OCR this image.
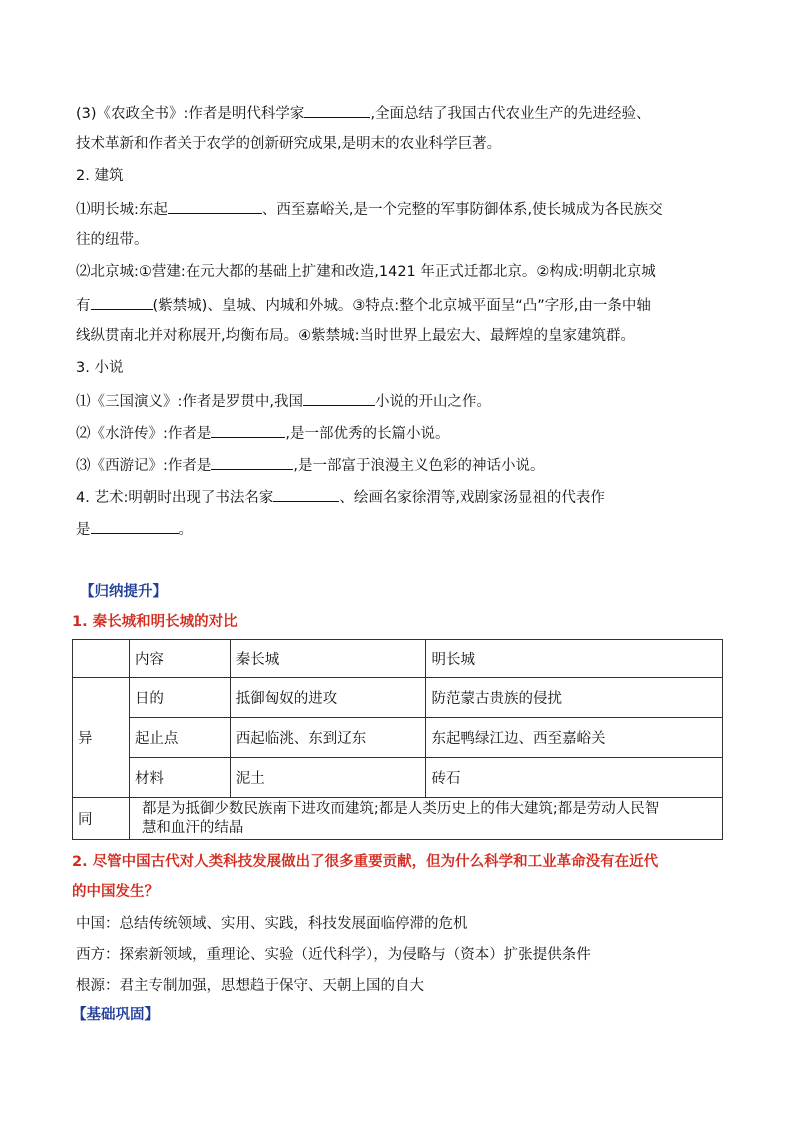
(3)《农政全书》:作者是明代科学家	,全面总结了我国古代农业生产的先进经验、
技术革新和作者关于农学的创新研究成果,是明末的农业科学巨著。
2. 建筑
⑴明长城:东起	、西至嘉峪关,是一个完整的军事防御体系,使长城成为各民族交
往的纽带。
⑵北京城:①营建:在元大都的基础上扩建和改造,1421 年正式迁都北京。②构成:明朝北京城
有	(紫禁城)、皇城、内城和外城。③特点:整个北京城平面呈“凸”字形,由一条中轴
线纵贯南北并对称展开,均衡布局。④紫禁城:当时世界上最宏大、最辉煌的皇家建筑群。
3. 小说
⑴《三国演义》:作者是罗贯中,我国	小说的开山之作。
⑵《水浒传》:作者是	,是一部优秀的长篇小说。
⑶《西游记》:作者是	,是一部富于浪漫主义色彩的神话小说。
4. 艺术:明朝时出现了书法名家	、绘画名家徐渭等,戏剧家汤显祖的代表作
是	。
【归纳提升】
1. 秦长城和明长城的对比
	内容	秦长城	明长城
异	日的	抵御匈奴的进攻	防范蒙古贵族的侵扰
	起止点	西起临洮、东到辽东	东起鸭绿江边、西至嘉峪关
	材料	泥土	砖石
同	都是为抵御少数民族南下进攻而建筑;都是人类历史上的伟大建筑;都是劳动人民智
慧和血汗的结晶		
2. 尽管中国古代对人类科技发展做出了很多重要贡献，但为什么科学和工业革命没有在近代
的中国发生？
中国：总结传统领域、实用、实践，科技发展面临停滞的危机
西方：探索新领域，重理论、实验（近代科学），为侵略与（资本）扩张提供条件
根源：君主专制加强，思想趋于保守、天朝上国的自大
【基础巩固】
